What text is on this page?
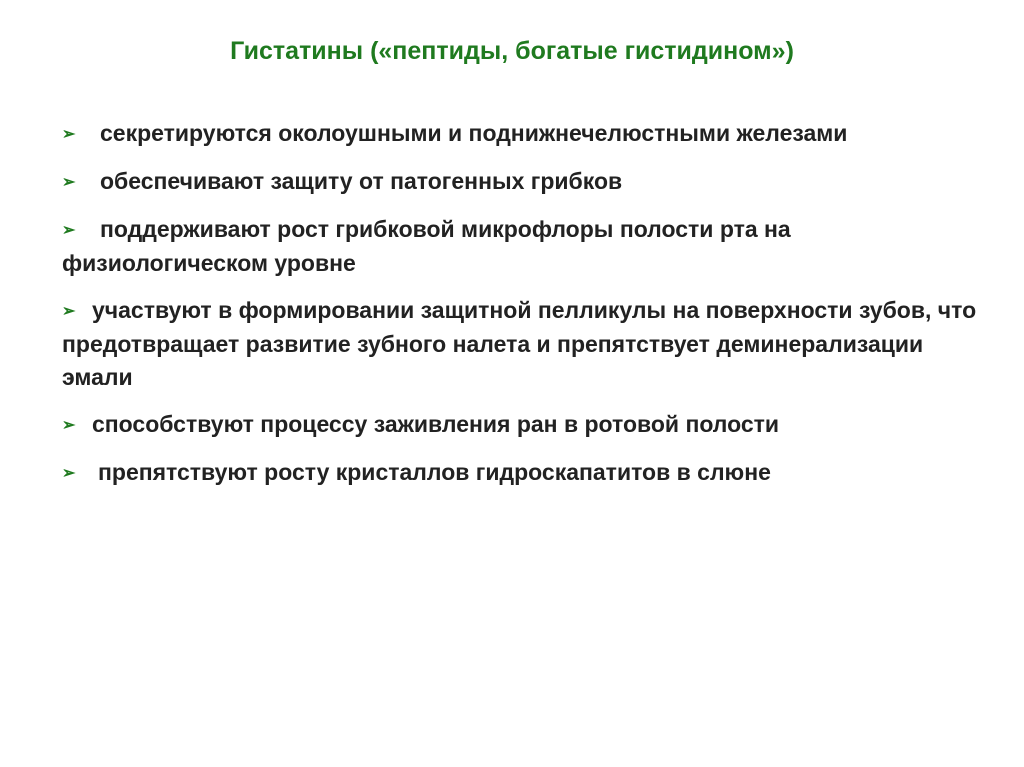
Гистатины («пептиды, богатые гистидином»)
➢ секретируются околоушными и поднижнечелюстными железами
➢ обеспечивают защиту от патогенных грибков
➢ поддерживают рост грибковой микрофлоры полости рта на физиологическом уровне
➢ участвуют в формировании защитной пелликулы на поверхности зубов, что предотвращает развитие зубного налета и препятствует деминерализации эмали
➢ способствуют процессу заживления ран в ротовой полости
➢ препятствуют росту кристаллов гидроскапатитов в слюне
